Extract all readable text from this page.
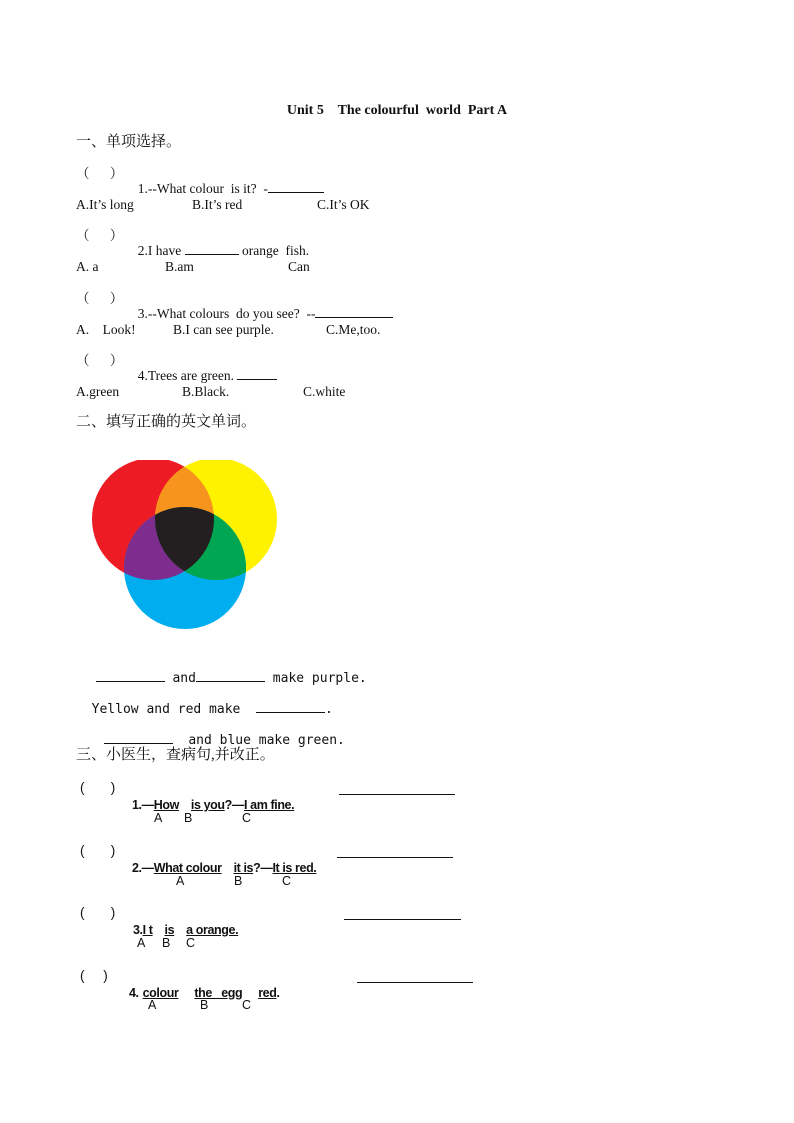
Unit 5    The colourful  world  Part A
一、单项选择。
（      ）

1.--What colour  is it?  -

A.It’s long	B.It’s red	C.It’s OK
（      ）

2.I have	orange  fish.

A. a	B.am	Can
（      ）

3.--What colours  do you see?  --

A.    Look!	B.I can see purple.	C.Me,too.
（      ）

4.Trees are green.

A.green	B.Black.	C.white
二、填写正确的英文单词。

and	make purple.

Yellow and red make	.

and blue make green.

三、小医生，查病句,并改正。
(       )

1.—How is you?—I am fine.

A B	C
(       )

2.—What colour it is?—It is red.

A	B	C
(       )

3.I t is a orange.

A B C
(     )

4. colour the   egg red.

A	B	C
